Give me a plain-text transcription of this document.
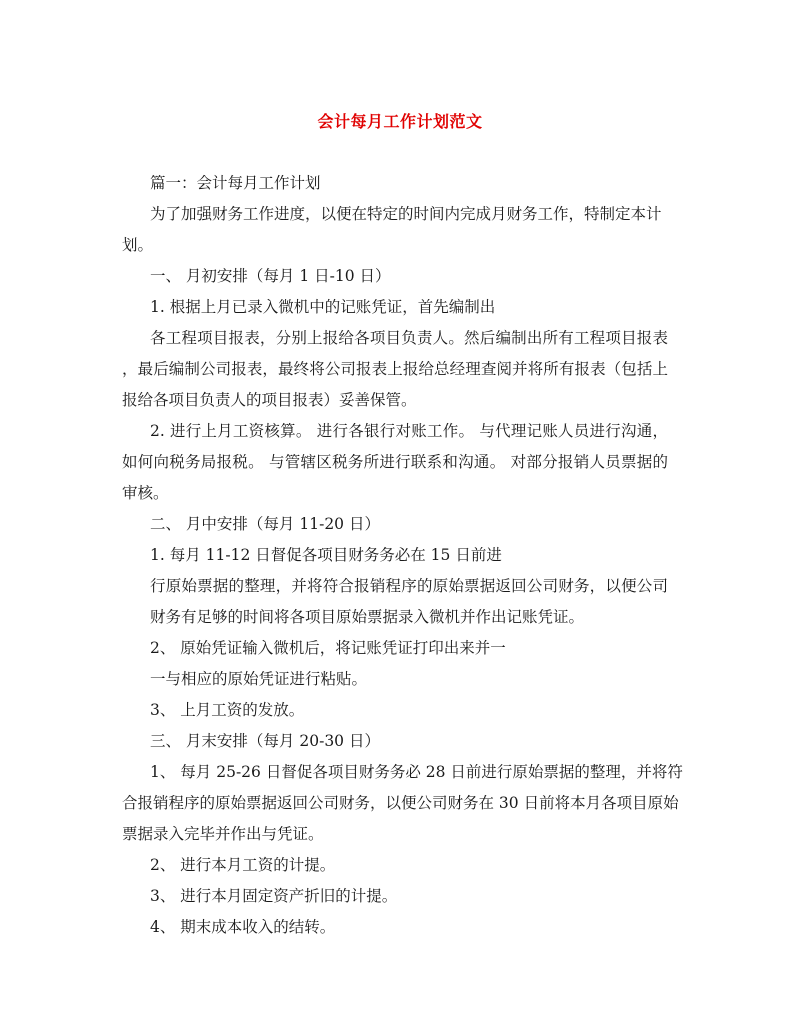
会计每月工作计划范文
篇一：会计每月工作计划
为了加强财务工作进度，以便在特定的时间内完成月财务工作，特制定本计
划。
一、 月初安排（每月 1 日-10 日）
1. 根据上月已录入微机中的记账凭证，首先编制出
各工程项目报表，分别上报给各项目负责人。然后编制出所有工程项目报表
，最后编制公司报表，最终将公司报表上报给总经理查阅并将所有报表（包括上
报给各项目负责人的项目报表）妥善保管。
2. 进行上月工资核算。 进行各银行对账工作。 与代理记账人员进行沟通，
如何向税务局报税。 与管辖区税务所进行联系和沟通。 对部分报销人员票据的
审核。
二、 月中安排（每月 11-20 日）
1. 每月 11-12 日督促各项目财务务必在 15 日前进
行原始票据的整理，并将符合报销程序的原始票据返回公司财务，以便公司
财务有足够的时间将各项目原始票据录入微机并作出记账凭证。
2、 原始凭证输入微机后，将记账凭证打印出来并一
一与相应的原始凭证进行粘贴。
3、 上月工资的发放。
三、 月末安排（每月 20-30 日）
1、 每月 25-26 日督促各项目财务务必 28 日前进行原始票据的整理，并将符
合报销程序的原始票据返回公司财务，以便公司财务在 30 日前将本月各项目原始
票据录入完毕并作出与凭证。
2、 进行本月工资的计提。
3、 进行本月固定资产折旧的计提。
4、 期末成本收入的结转。
